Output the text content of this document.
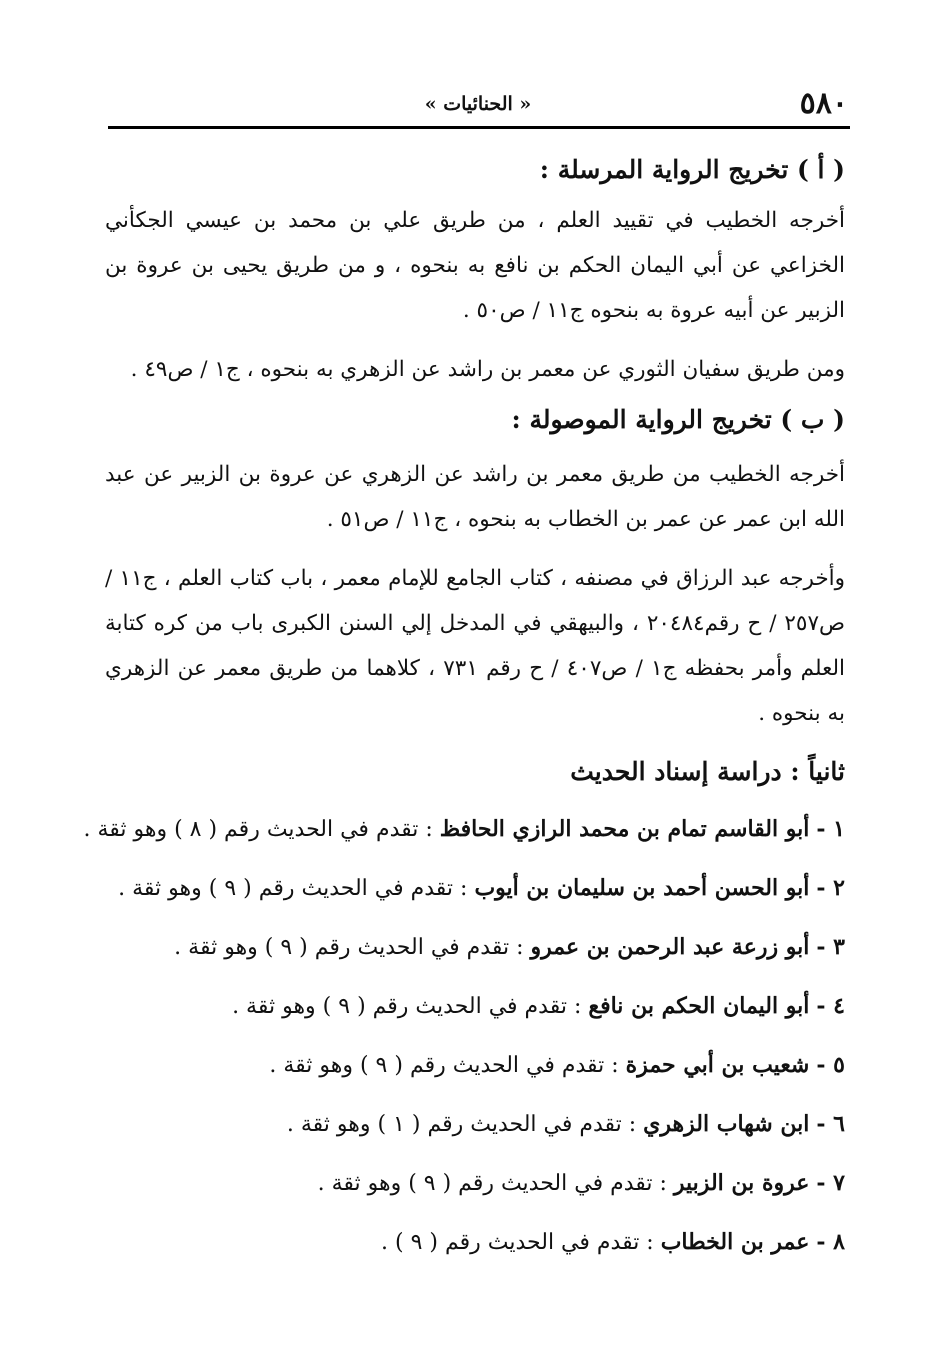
٥٨٠
« الحنائيات »

( أ ) تخريج الرواية المرسلة :

أخرجه الخطيب في تقييد العلم ، من طريق علي بن محمد بن عيسي الجكأني الخزاعي عن أبي اليمان الحكم بن نافع به بنحوه ، و من طريق يحيى بن عروة بن الزبير عن أبيه عروة به بنحوه ج١١ / ص٥٠ .

ومن طريق سفيان الثوري عن معمر بن راشد عن الزهري به بنحوه ، ج١ / ص٤٩ .

( ب ) تخريج الرواية الموصولة :

أخرجه الخطيب من طريق معمر بن راشد عن الزهري عن عروة بن الزبير عن عبد الله ابن عمر عن عمر بن الخطاب به بنحوه ، ج١١ / ص٥١ .

وأخرجه عبد الرزاق في مصنفه ، كتاب الجامع للإمام معمر ، باب كتاب العلم ، ج١١ / ص٢٥٧ / ح رقم٢٠٤٨٤ ، والبيهقي في المدخل إلي السنن الكبرى باب من كره كتابة العلم وأمر بحفظه ج١ / ص٤٠٧ / ح رقم ٧٣١ ، كلاهما من طريق معمر عن الزهري به بنحوه .

ثانياً : دراسة إسناد الحديث

١ - أبو القاسم تمام بن محمد الرازي الحافظ : تقدم في الحديث رقم ( ٨ ) وهو ثقة .
٢ - أبو الحسن أحمد بن سليمان بن أيوب : تقدم في الحديث رقم ( ٩ ) وهو ثقة .
٣ - أبو زرعة عبد الرحمن بن عمرو : تقدم في الحديث رقم ( ٩ ) وهو ثقة .
٤ - أبو اليمان الحكم بن نافع : تقدم في الحديث رقم ( ٩ ) وهو ثقة .
٥ - شعيب بن أبي حمزة : تقدم في الحديث رقم ( ٩ ) وهو ثقة .
٦ - ابن شهاب الزهري : تقدم في الحديث رقم ( ١ ) وهو ثقة .
٧ - عروة بن الزبير : تقدم في الحديث رقم ( ٩ ) وهو ثقة .
٨ - عمر بن الخطاب : تقدم في الحديث رقم ( ٩ ) .
